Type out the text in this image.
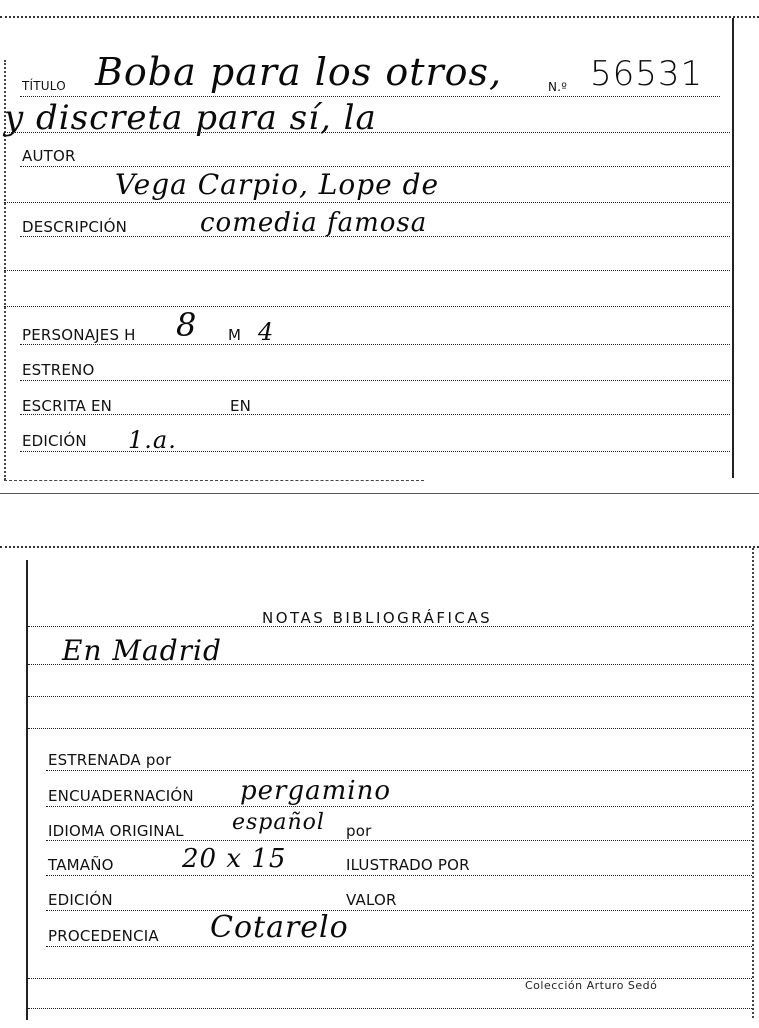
TÍTULO Boba para los otros,	N.º 56531
y discreta para sí, la
AUTOR
Vega Carpio, Lope de
DESCRIPCIÓN	comedia famosa
PERSONAJES H 8 M 4
ESTRENO
ESCRITA EN	EN
EDICIÓN 1.a.
NOTAS BIBLIOGRÁFICAS
En Madrid
ESTRENADA por
ENCUADERNACIÓN pergamino
IDIOMA ORIGINAL español por
TAMAÑO	20 x 15	ILUSTRADO POR
EDICIÓN	VALOR
PROCEDENCIA Cotarelo
Colección Arturo Sedó
